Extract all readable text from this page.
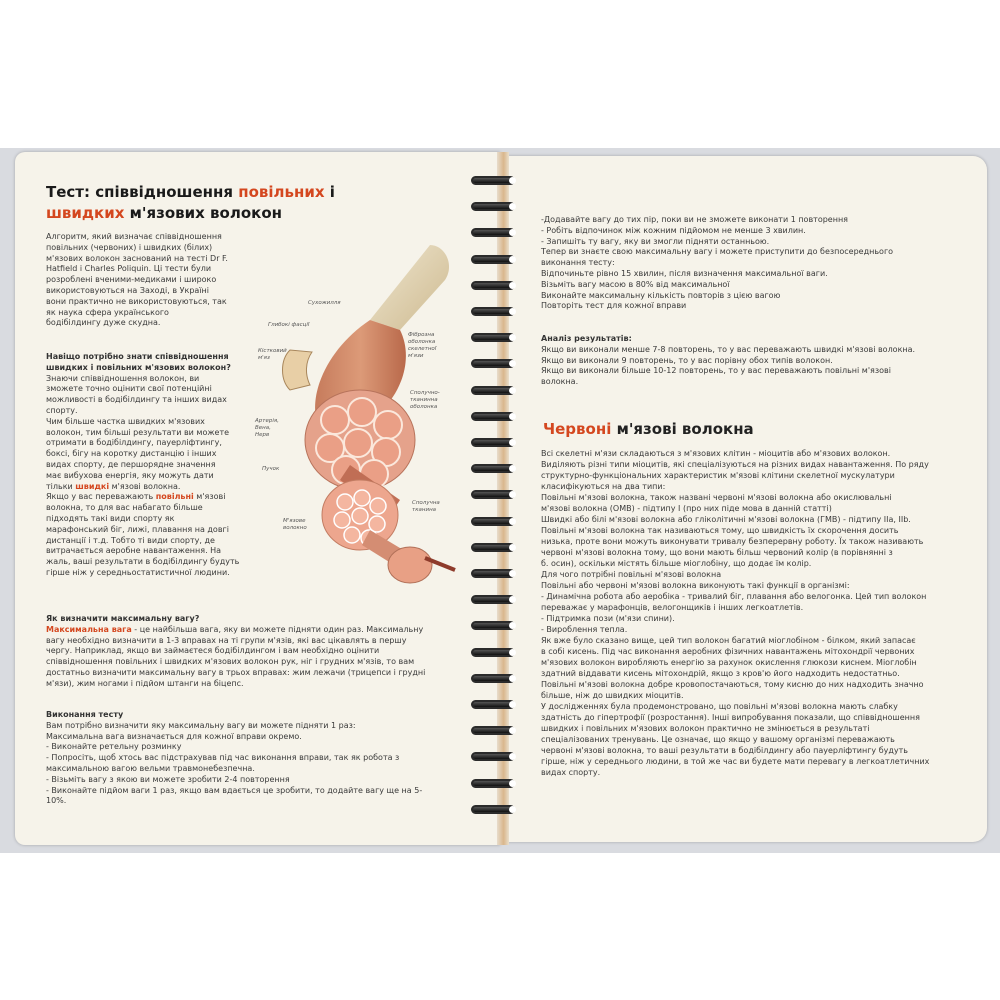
Тест: співвідношення повільних і
швидких м'язових волокон

Алгоритм, який визначає співвідношення

повільних (червоних) і швидких (білих)

м'язових волокон заснований на тесті Dr F.

Hatfield і Charles Poliquin. Ці тести були

розроблені вченими-медиками і широко

використовуються на Заході, в Україні

вони практично не використовуються, так

як наука сфера українського

бодібілдингу дуже скудна.

Навіщо потрібно знати співвідношення

швидких і повільних м'язових волокон?

Знаючи співвідношення волокон, ви

зможете точно оцінити свої потенційні

можливості в бодібілдингу та інших видах

спорту.

Чим більше частка швидких м'язових

волокон, тим більші результати ви можете

отримати в бодібілдингу, пауерліфтингу,

боксі, бігу на коротку дистанцію і інших

видах спорту, де першорядне значення

має вибухова енергія, яку можуть дати

тільки швидкі м'язові волокна.

Якщо у вас переважають повільні м'язові

волокна, то для вас набагато більше

підходять такі види спорту як

марафонський біг, лижі, плавання на довгі

дистанції і т.д. Тобто ті види спорту, де

витрачається аеробне навантаження. На

жаль, ваші результати в бодібілдингу будуть

гірше ніж у середньостатистичної людини.

Сухожилля
Глибокі фасції
Кістковий м'яз
Фіброзна оболонка скелетної м'язи
Артерія, Вена, Нерв
Сполучно-тканинна оболонка
Пучок
Сполучна тканина
М'язове волокно

Як визначити максимальну вагу?

Максимальна вага - це найбільша вага, яку ви можете підняти один раз. Максимальну

вагу необхідно визначити в 1-3 вправах на ті групи м'язів, які вас цікавлять в першу

чергу. Наприклад, якщо ви займаєтеся бодібілдингом і вам необхідно оцінити

співвідношення повільних і швидких м'язових волокон рук, ніг і грудних м'язів, то вам

достатньо визначити максимальну вагу в трьох вправах: жим лежачи (трицепси і грудні

м'язи), жим ногами і підйом штанги на біцепс.

Виконання тесту

Вам потрібно визначити яку максимальну вагу ви можете підняти 1 раз:

Максимальна вага визначається для кожної вправи окремо.

- Виконайте ретельну розминку

- Попросіть, щоб хтось вас підстрахував під час виконання вправи, так як робота з

максимальною вагою вельми травмонебезпечна.

- Візьміть вагу з якою ви можете зробити 2-4 повторення

- Виконайте підйом ваги 1 раз, якщо вам вдається це зробити, то додайте вагу ще на 5-

10%.

-Додавайте вагу до тих пір, поки ви не зможете виконати 1 повторення

- Робіть відпочинок між кожним підйомом не менше 3 хвилин.

- Запишіть ту вагу, яку ви змогли підняти останньою.

Тепер ви знаєте свою максимальну вагу і можете приступити до безпосереднього

виконання тесту:

Відпочиньте рівно 15 хвилин, після визначення максимальної ваги.

Візьміть вагу масою в 80% від максимальної

Виконайте максимальну кількість повторів з цією вагою

Повторіть тест для кожної вправи

Аналіз результатів:

Якщо ви виконали менше 7-8 повторень, то у вас переважають швидкі м'язові волокна.

Якщо ви виконали 9 повторень, то у вас порівну обох типів волокон.

Якщо ви виконали більше 10-12 повторень, то у вас переважають повільні м'язові

волокна.

Червоні м'язові волокна

Всі скелетні м'язи складаються з м'язових клітин - міоцитів або м'язових волокон.

Виділяють різні типи міоцитів, які спеціалізуються на різних видах навантаження. По ряду

структурно-функціональних характеристик м'язові клітини скелетної мускулатури

класифікуються на два типи:

Повільні м'язові волокна, також названі червоні м'язові волокна або окислювальні

м'язові волокна (ОМВ) - підтипу I (про них піде мова в данній статті)

Швидкі або білі м'язові волокна або гліколітичні м'язові волокна (ГМВ) - підтипу IIa, IIb.

Повільні м'язові волокна так називаються тому, що швидкість їх скорочення досить

низька, проте вони можуть виконувати тривалу безперервну роботу. Їх також називають

червоні м'язові волокна тому, що вони мають більш червоний колір (в порівнянні з

б. осин), оскільки містять більше міоглобіну, що додає їм колір.

Для чого потрібні повільні м'язові волокна

Повільні або червоні м'язові волокна виконують такі функції в організмі:

- Динамічна робота або аеробіка - тривалий біг, плавання або велогонка. Цей тип волокон

переважає у марафонців, велогонщиків і інших легкоатлетів.

- Підтримка пози (м'язи спини).

- Вироблення тепла.

Як вже було сказано вище, цей тип волокон багатий міоглобіном - білком, який запасає

в собі кисень. Під час виконання аеробних фізичних навантажень мітохондрії червоних

м'язових волокон виробляють енергію за рахунок окислення глюкози киснем. Міоглобін

здатний віддавати кисень мітохондрій, якщо з кров'ю його надходить недостатньо.

Повільні м'язові волокна добре кровопостачаються, тому кисню до них надходить значно

більше, ніж до швидких міоцитів.

У дослідженнях була продемонстровано, що повільні м'язові волокна мають слабку

здатність до гіпертрофії (розростання). Інші випробування показали, що співвідношення

швидких і повільних м'язових волокон практично не змінюється в результаті

спеціалізованих тренувань. Це означає, що якщо у вашому організмі переважають

червоні м'язові волокна, то ваші результати в бодібілдингу або пауерліфтингу будуть

гірше, ніж у середнього людини, в той же час ви будете мати перевагу в легкоатлетичних

видах спорту.
